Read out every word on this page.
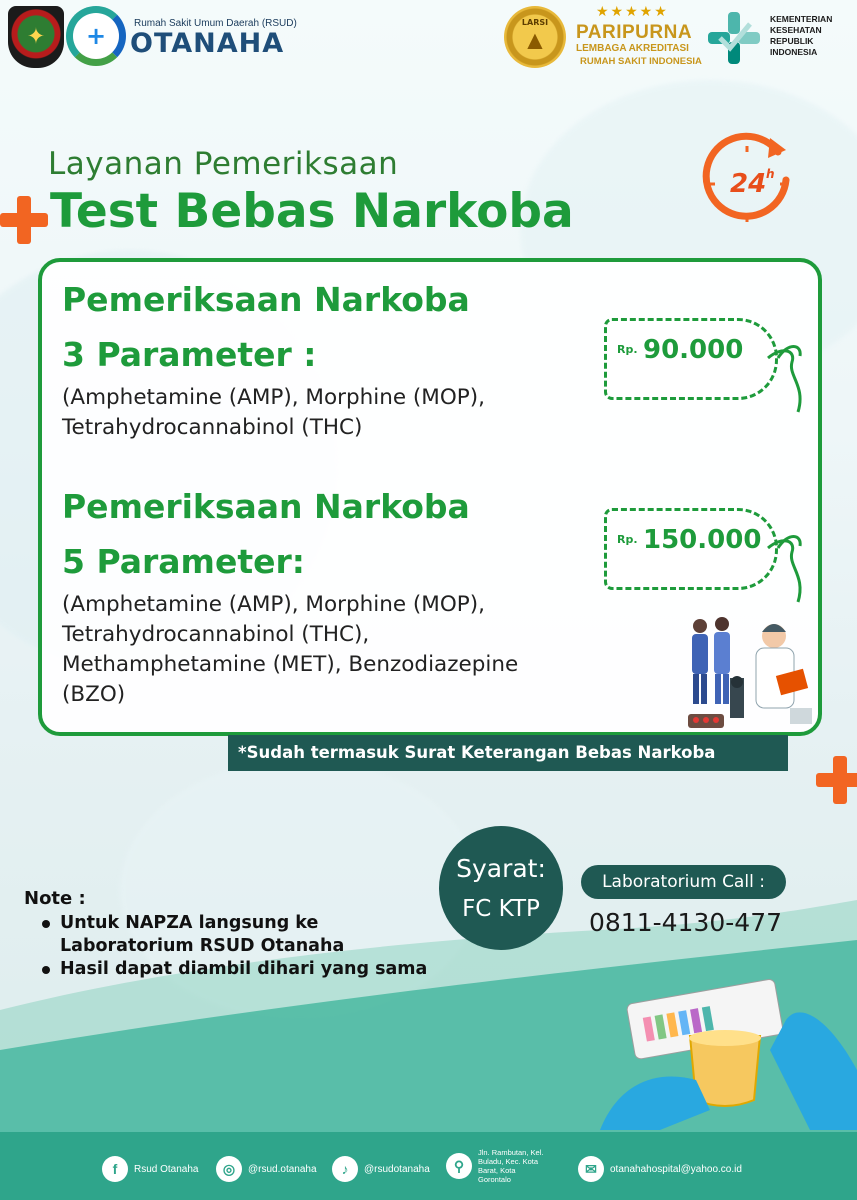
✦ +	Rumah Sakit Umum Daerah (RSUD)
OTANAHA
LARSI
▲
★★★★★
PARIPURNA
LEMBAGA AKREDITASI
RUMAH SAKIT INDONESIA
KEMENTERIAN KESEHATAN REPUBLIK INDONESIA
Layanan Pemeriksaan
Test Bebas Narkoba	24 h
Pemeriksaan Narkoba
3 Parameter :
(Amphetamine (AMP), Morphine (MOP),
Tetrahydrocannabinol (THC)
Rp. 90.000
Pemeriksaan Narkoba
5 Parameter:
(Amphetamine (AMP), Morphine (MOP),
Tetrahydrocannabinol (THC),
Methamphetamine (MET), Benzodiazepine
(BZO)
Rp. 150.000
*Sudah termasuk Surat Keterangan Bebas Narkoba
Syarat:
FC KTP
Laboratorium Call :
0811-4130-477
Note :
Untuk NAPZA langsung ke Laboratorium RSUD Otanaha
Hasil dapat diambil dihari yang sama
f	Rsud Otanaha	◎	@rsud.otanaha	♪	@rsudotanaha	⚲
Jln. Rambutan, Kel. Buladu, Kec. Kota Barat, Kota Gorontalo
✉	otanahahospital@yahoo.co.id
